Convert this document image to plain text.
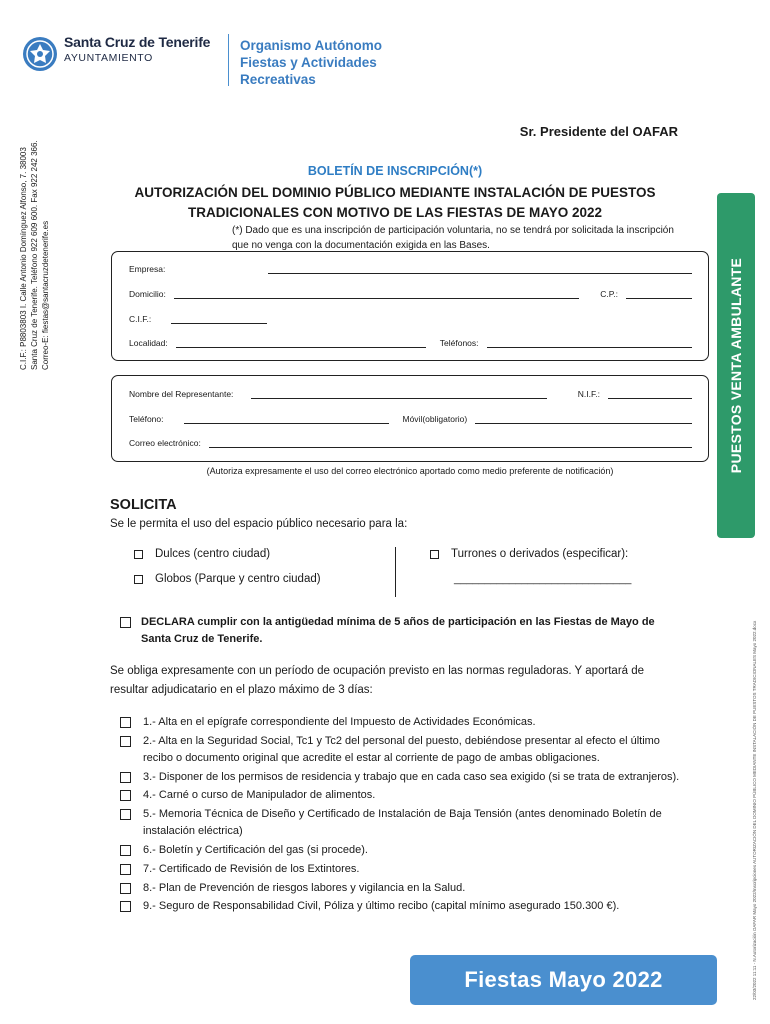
Santa Cruz de Tenerife
AYUNTAMIENTO
Organismo Autónomo
Fiestas y Actividades
Recreativas
C.I.F.: P8803803 I. Calle Antonio Domínguez Alfonso, 7. 38003 Santa Cruz de Tenerife. Teléfono 922 609 600. Fax 922 242 366. Correo-E: fiestas@santacruzdetenerife.es	PUESTOS VENTA AMBULANTE
22/03/2022 11:11 - N.Autorización OAFAR Mayo 2022/Inscripciones AUTORIZACIÓN DEL DOMINIO PÚBLICO MEDIANTE INSTALACIÓN DE PUESTOS TRADICIONALES Mayo 2022.docx
Sr. Presidente del OAFAR
BOLETÍN DE INSCRIPCIÓN(*)
AUTORIZACIÓN DEL DOMINIO PÚBLICO MEDIANTE INSTALACIÓN DE PUESTOS
TRADICIONALES CON MOTIVO DE LAS FIESTAS DE MAYO 2022
(*) Dado que es una inscripción de participación voluntaria, no se tendrá por solicitada la inscripción que no venga con la documentación exigida en las Bases.
Empresa:
Domicilio:	C.P.:
C.I.F.:
Localidad:	Teléfonos:
Nombre del Representante:	N.I.F.:
Teléfono:	Móvil(obligatorio)
Correo electrónico:
(Autoriza expresamente el uso del correo electrónico aportado como medio preferente de notificación)
SOLICITA
Se le permita el uso del espacio público necesario para la:
Dulces (centro ciudad)
Globos (Parque y centro ciudad)
Turrones o derivados (especificar):
_____________________________
DECLARA cumplir con la antigüedad mínima de 5 años de participación en las Fiestas de Mayo de Santa Cruz de Tenerife.
Se obliga expresamente con un período de ocupación previsto en las normas reguladoras. Y aportará de resultar adjudicatario en el plazo máximo de 3 días:
1.- Alta en el epígrafe correspondiente del Impuesto de Actividades Económicas.
2.- Alta en la Seguridad Social, Tc1 y Tc2 del personal del puesto, debiéndose presentar al efecto el último recibo o documento original que acredite el estar al corriente de pago de ambas obligaciones.
3.- Disponer de los permisos de residencia y trabajo que en cada caso sea exigido (si se trata de extranjeros).
4.- Carné o curso de Manipulador de alimentos.
5.- Memoria Técnica de Diseño y Certificado de Instalación de Baja Tensión (antes denominado Boletín de instalación eléctrica)
6.- Boletín y Certificación del gas (si procede).
7.- Certificado de Revisión de los Extintores.
8.- Plan de Prevención de riesgos labores y vigilancia en la Salud.
9.- Seguro de Responsabilidad Civil, Póliza y último recibo (capital mínimo asegurado 150.300 €).
Fiestas Mayo 2022
